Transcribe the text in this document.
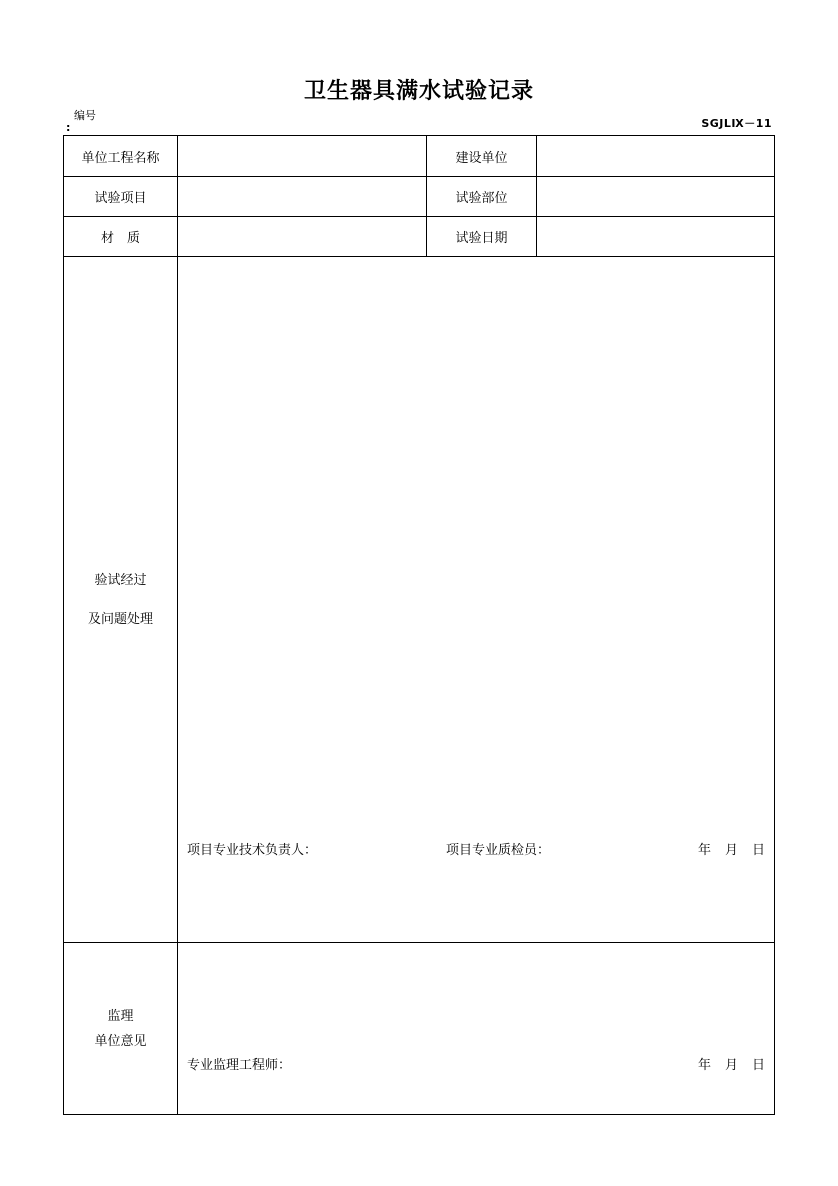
卫生器具满水试验记录
编号
:	SGJLⅨ－11
单位工程名称	建设单位
试验项目	试验部位
材　质	试验日期
验试经过
及问题处理
项目专业技术负责人：	项目专业质检员：	年 月 日
监理
单位意见
专业监理工程师：	年 月 日
